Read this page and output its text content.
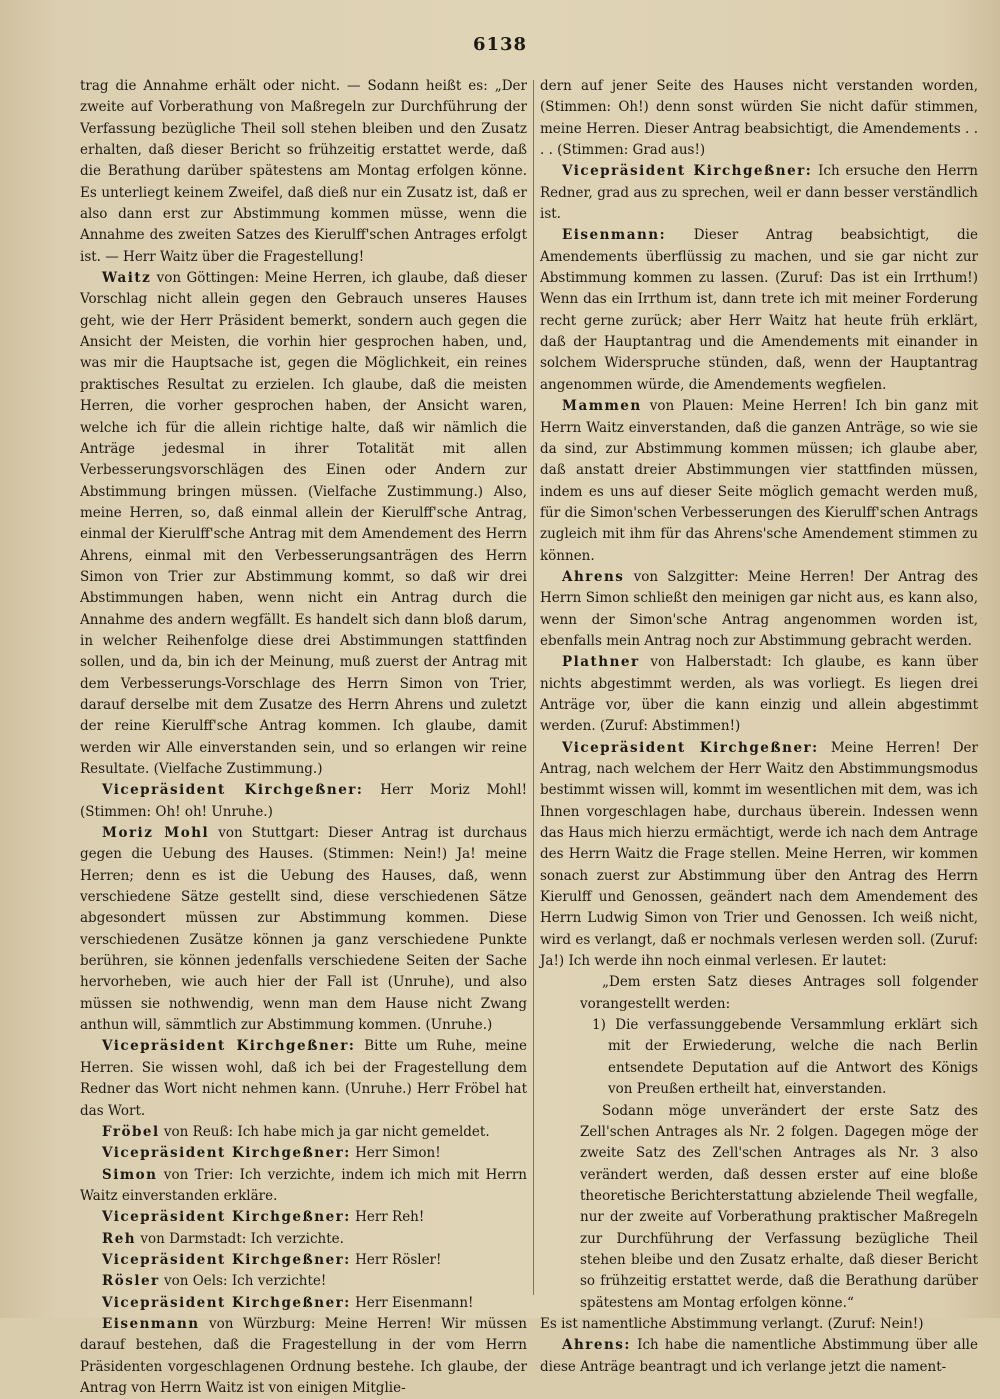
6138

trag die Annahme erhält oder nicht. — Sodann heißt es: „Der zweite auf Vorberathung von Maßregeln zur Durchführung der Verfassung bezügliche Theil soll stehen bleiben und den Zusatz erhalten, daß dieser Bericht so frühzeitig erstattet werde, daß die Berathung darüber spätestens am Montag erfolgen könne. Es unterliegt keinem Zweifel, daß dieß nur ein Zusatz ist, daß er also dann erst zur Abstimmung kommen müsse, wenn die Annahme des zweiten Satzes des Kierulff'schen Antrages erfolgt ist. — Herr Waitz über die Fragestellung!

Waitz von Göttingen: Meine Herren, ich glaube, daß dieser Vorschlag nicht allein gegen den Gebrauch unseres Hauses geht, wie der Herr Präsident bemerkt, sondern auch gegen die Ansicht der Meisten, die vorhin hier gesprochen haben, und, was mir die Hauptsache ist, gegen die Möglichkeit, ein reines praktisches Resultat zu erzielen. Ich glaube, daß die meisten Herren, die vorher gesprochen haben, der Ansicht waren, welche ich für die allein richtige halte, daß wir nämlich die Anträge jedesmal in ihrer Totalität mit allen Verbesserungsvorschlägen des Einen oder Andern zur Abstimmung bringen müssen. (Vielfache Zustimmung.) Also, meine Herren, so, daß einmal allein der Kierulff'sche Antrag, einmal der Kierulff'sche Antrag mit dem Amendement des Herrn Ahrens, einmal mit den Verbesserungsanträgen des Herrn Simon von Trier zur Abstimmung kommt, so daß wir drei Abstimmungen haben, wenn nicht ein Antrag durch die Annahme des andern wegfällt. Es handelt sich dann bloß darum, in welcher Reihenfolge diese drei Abstimmungen stattfinden sollen, und da, bin ich der Meinung, muß zuerst der Antrag mit dem Verbesserungs-Vorschlage des Herrn Simon von Trier, darauf derselbe mit dem Zusatze des Herrn Ahrens und zuletzt der reine Kierulff'sche Antrag kommen. Ich glaube, damit werden wir Alle einverstanden sein, und so erlangen wir reine Resultate. (Vielfache Zustimmung.)

Vicepräsident Kirchgeßner: Herr Moriz Mohl! (Stimmen: Oh! oh! Unruhe.)

Moriz Mohl von Stuttgart: Dieser Antrag ist durchaus gegen die Uebung des Hauses. (Stimmen: Nein!) Ja! meine Herren; denn es ist die Uebung des Hauses, daß, wenn verschiedene Sätze gestellt sind, diese verschiedenen Sätze abgesondert müssen zur Abstimmung kommen. Diese verschiedenen Zusätze können ja ganz verschiedene Punkte berühren, sie können jedenfalls verschiedene Seiten der Sache hervorheben, wie auch hier der Fall ist (Unruhe), und also müssen sie nothwendig, wenn man dem Hause nicht Zwang anthun will, sämmtlich zur Abstimmung kommen. (Unruhe.)

Vicepräsident Kirchgeßner: Bitte um Ruhe, meine Herren. Sie wissen wohl, daß ich bei der Fragestellung dem Redner das Wort nicht nehmen kann. (Unruhe.) Herr Fröbel hat das Wort.

Fröbel von Reuß: Ich habe mich ja gar nicht gemeldet.

Vicepräsident Kirchgeßner: Herr Simon!

Simon von Trier: Ich verzichte, indem ich mich mit Herrn Waitz einverstanden erkläre.

Vicepräsident Kirchgeßner: Herr Reh!

Reh von Darmstadt: Ich verzichte.

Vicepräsident Kirchgeßner: Herr Rösler!

Rösler von Oels: Ich verzichte!

Vicepräsident Kirchgeßner: Herr Eisenmann!

Eisenmann von Würzburg: Meine Herren! Wir müssen darauf bestehen, daß die Fragestellung in der vom Herrn Präsidenten vorgeschlagenen Ordnung bestehe. Ich glaube, der Antrag von Herrn Waitz ist von einigen Mitglie-

dern auf jener Seite des Hauses nicht verstanden worden, (Stimmen: Oh!) denn sonst würden Sie nicht dafür stimmen, meine Herren. Dieser Antrag beabsichtigt, die Amendements . . . . (Stimmen: Grad aus!)

Vicepräsident Kirchgeßner: Ich ersuche den Herrn Redner, grad aus zu sprechen, weil er dann besser verständlich ist.

Eisenmann: Dieser Antrag beabsichtigt, die Amendements überflüssig zu machen, und sie gar nicht zur Abstimmung kommen zu lassen. (Zuruf: Das ist ein Irrthum!) Wenn das ein Irrthum ist, dann trete ich mit meiner Forderung recht gerne zurück; aber Herr Waitz hat heute früh erklärt, daß der Hauptantrag und die Amendements mit einander in solchem Widerspruche stünden, daß, wenn der Hauptantrag angenommen würde, die Amendements wegfielen.

Mammen von Plauen: Meine Herren! Ich bin ganz mit Herrn Waitz einverstanden, daß die ganzen Anträge, so wie sie da sind, zur Abstimmung kommen müssen; ich glaube aber, daß anstatt dreier Abstimmungen vier stattfinden müssen, indem es uns auf dieser Seite möglich gemacht werden muß, für die Simon'schen Verbesserungen des Kierulff'schen Antrags zugleich mit ihm für das Ahrens'sche Amendement stimmen zu können.

Ahrens von Salzgitter: Meine Herren! Der Antrag des Herrn Simon schließt den meinigen gar nicht aus, es kann also, wenn der Simon'sche Antrag angenommen worden ist, ebenfalls mein Antrag noch zur Abstimmung gebracht werden.

Plathner von Halberstadt: Ich glaube, es kann über nichts abgestimmt werden, als was vorliegt. Es liegen drei Anträge vor, über die kann einzig und allein abgestimmt werden. (Zuruf: Abstimmen!)

Vicepräsident Kirchgeßner: Meine Herren! Der Antrag, nach welchem der Herr Waitz den Abstimmungsmodus bestimmt wissen will, kommt im wesentlichen mit dem, was ich Ihnen vorgeschlagen habe, durchaus überein. Indessen wenn das Haus mich hierzu ermächtigt, werde ich nach dem Antrage des Herrn Waitz die Frage stellen. Meine Herren, wir kommen sonach zuerst zur Abstimmung über den Antrag des Herrn Kierulff und Genossen, geändert nach dem Amendement des Herrn Ludwig Simon von Trier und Genossen. Ich weiß nicht, wird es verlangt, daß er nochmals verlesen werden soll. (Zuruf: Ja!) Ich werde ihn noch einmal verlesen. Er lautet:

„Dem ersten Satz dieses Antrages soll folgender vorangestellt werden:

1) Die verfassunggebende Versammlung erklärt sich mit der Erwiederung, welche die nach Berlin entsendete Deputation auf die Antwort des Königs von Preußen ertheilt hat, einverstanden.

Sodann möge unverändert der erste Satz des Zell'schen Antrages als Nr. 2 folgen. Dagegen möge der zweite Satz des Zell'schen Antrages als Nr. 3 also verändert werden, daß dessen erster auf eine bloße theoretische Berichterstattung abzielende Theil wegfalle, nur der zweite auf Vorberathung praktischer Maßregeln zur Durchführung der Verfassung bezügliche Theil stehen bleibe und den Zusatz erhalte, daß dieser Bericht so frühzeitig erstattet werde, daß die Berathung darüber spätestens am Montag erfolgen könne.“

Es ist namentliche Abstimmung verlangt. (Zuruf: Nein!)

Ahrens: Ich habe die namentliche Abstimmung über alle diese Anträge beantragt und ich verlange jetzt die nament-
